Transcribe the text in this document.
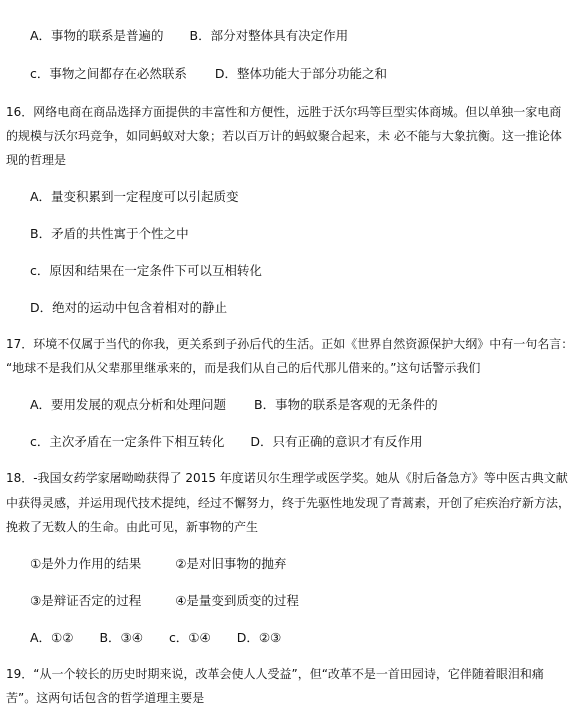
A．事物的联系是普遍的 B．部分对整体具有决定作用
c．事物之间都存在必然联系 D．整体功能大于部分功能之和
16．网络电商在商品选择方面提供的丰富性和方便性，远胜于沃尔玛等巨型实体商城。但以单独一家电商
的规模与沃尔玛竞争，如同蚂蚁对大象；若以百万计的蚂蚁聚合起来，未 必不能与大象抗衡。这一推论体
现的哲理是
A．量变积累到一定程度可以引起质变
B．矛盾的共性寓于个性之中
c．原因和结果在一定条件下可以互相转化
D．绝对的运动中包含着相对的静止
17．环境不仅属于当代的你我，更关系到子孙后代的生活。正如《世界自然资源保护大纲》中有一句名言：
“地球不是我们从父辈那里继承来的，而是我们从自己的后代那儿借来的。”这句话警示我们
A．要用发展的观点分析和处理问题 B．事物的联系是客观的无条件的
c．主次矛盾在一定条件下相互转化 D．只有正确的意识才有反作用
18．-我国女药学家屠呦呦获得了 2015 年度诺贝尔生理学或医学奖。她从《肘后备急方》等中医古典文献
中获得灵感，并运用现代技术提纯，经过不懈努力，终于先驱性地发现了青蒿素，开创了疟疾治疗新方法，
挽救了无数人的生命。由此可见，新事物的产生
①是外力作用的结果	②是对旧事物的抛弃
③是辩证否定的过程	④是量变到质变的过程
A．①② B．③④ c．①④ D．②③
19．“从一个较长的历史时期来说，改革会使人人受益”，但“改革不是一首田园诗，它伴随着眼泪和痛
苦”。这两句话包含的哲学道理主要是
